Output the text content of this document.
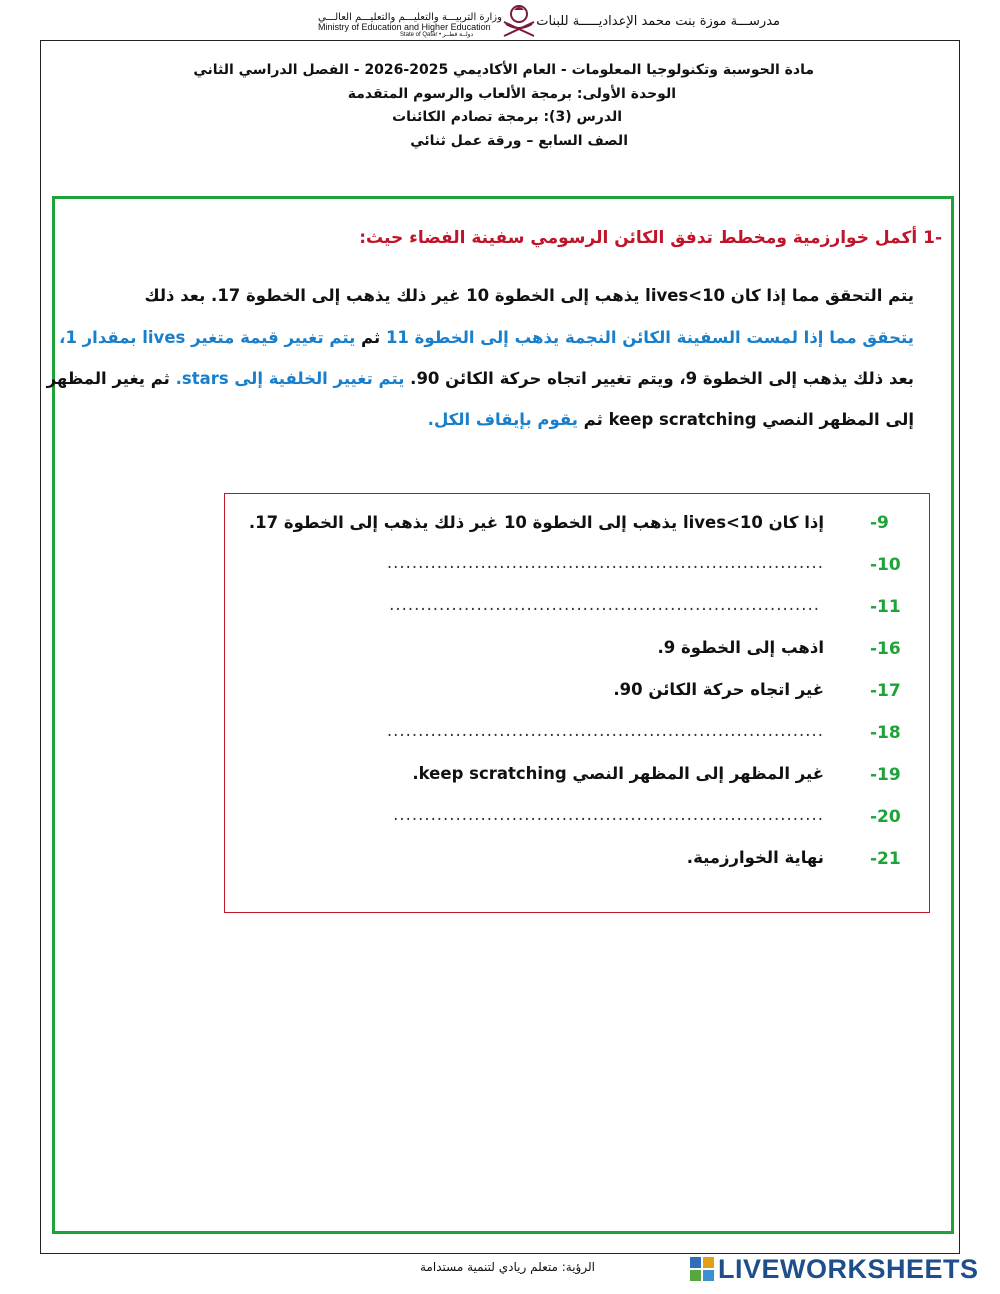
مدرســـة موزة بنت محمد الإعداديـــــة للبنات
وزارة التربيـــة والتعليـــم والتعليـــم العالـــي
Ministry of Education and Higher Education
State of Qatar • دولــة قطــر
مادة الحوسبة وتكنولوجيا المعلومات - العام الأكاديمي 2025-2026 - الفصل الدراسي الثاني
الوحدة الأولى: برمجة الألعاب والرسوم المتقدمة
الدرس (3): برمجة تصادم الكائنات
الصف السابع – ورقة عمل ثنائي
-1 أكمل خوارزمية ومخطط تدفق الكائن الرسومي سفينة الفضاء حيث:
يتم التحقق مما إذا كان lives<10 يذهب إلى الخطوة 10 غير ذلك يذهب إلى الخطوة 17. بعد ذلك
يتحقق مما إذا لمست السفينة الكائن النجمة يذهب إلى الخطوة 11 ثم يتم تغيير قيمة متغير lives بمقدار 1،
بعد ذلك يذهب إلى الخطوة 9، ويتم تغيير اتجاه حركة الكائن 90. يتم تغيير الخلفية إلى stars. ثم يغير المظهر
إلى المظهر النصي keep scratching ثم يقوم بإيقاف الكل.
-9
إذا كان lives<10 يذهب إلى الخطوة 10 غير ذلك يذهب إلى الخطوة 17.
-10
......................................................................
-11
.....................................................................
-16
اذهب إلى الخطوة 9.
-17
غير اتجاه حركة الكائن 90.
-18
......................................................................
-19
غير المظهر إلى المظهر النصي keep scratching.
-20
.....................................................................
-21
نهاية الخوارزمية.
الرؤية: متعلم ريادي لتنمية مستدامة	LIVEWORKSHEETS
